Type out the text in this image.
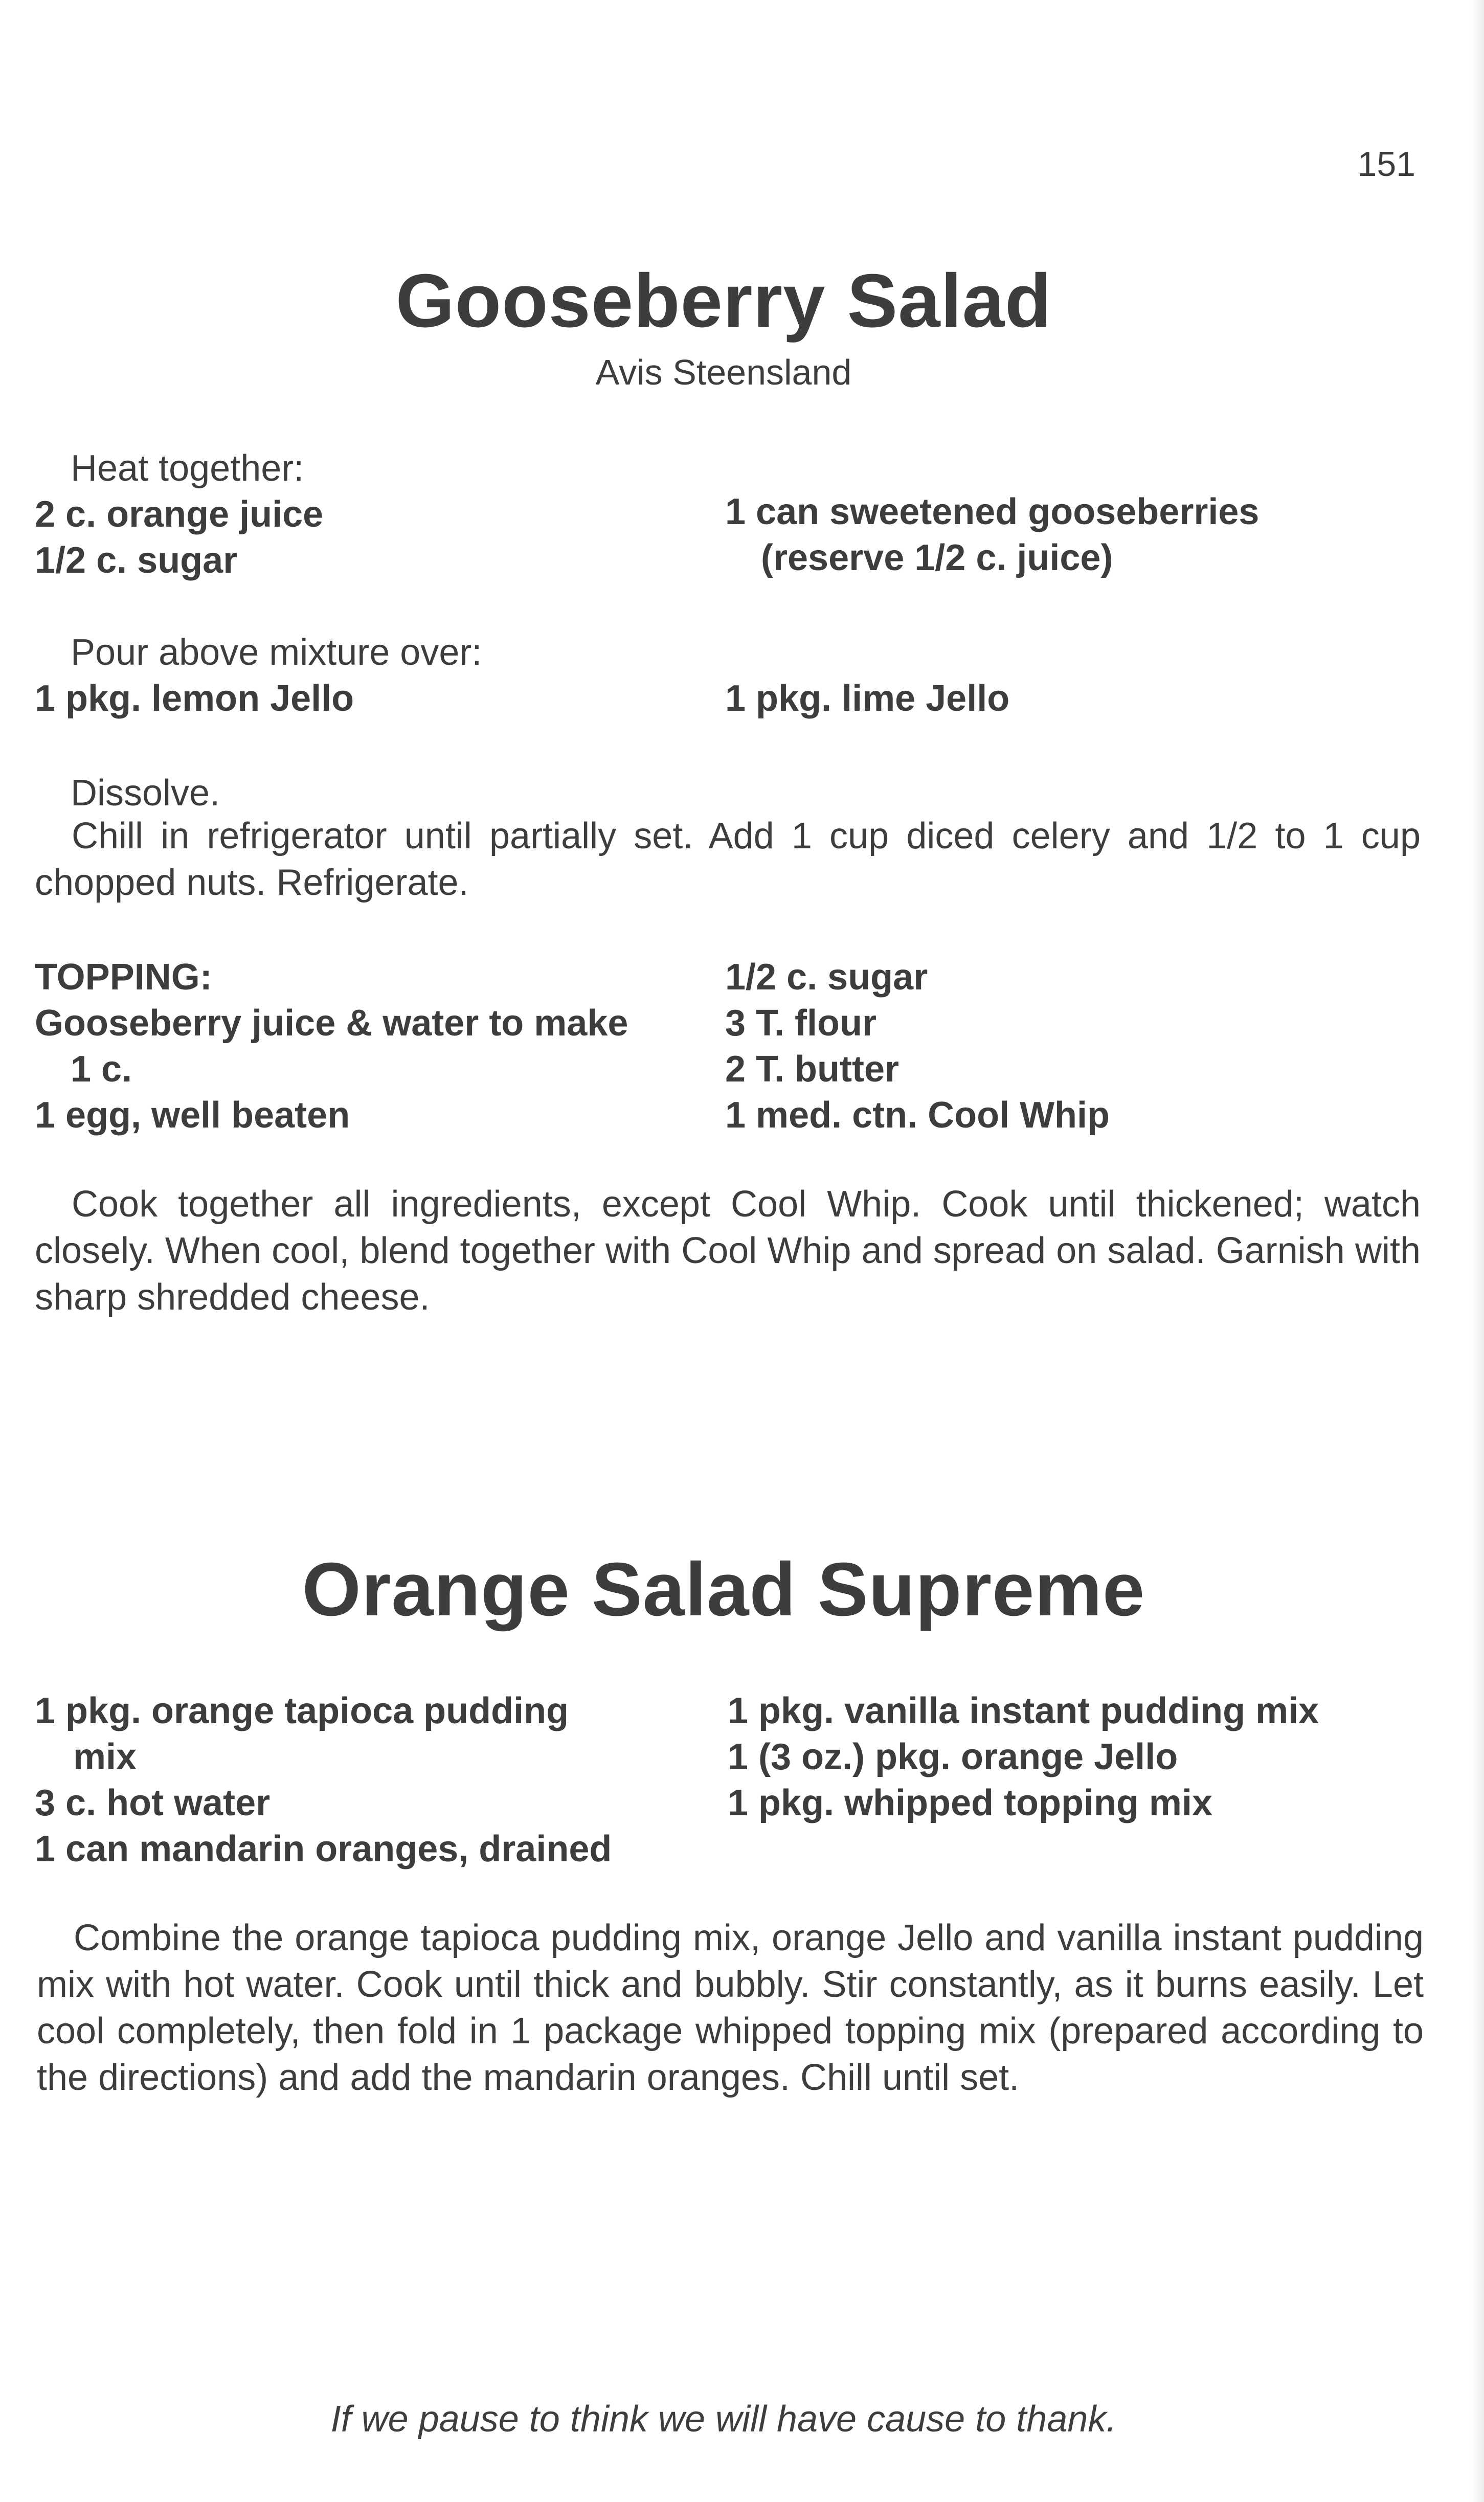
151
Gooseberry Salad
Avis Steensland
Heat together:
2 c. orange juice
1/2 c. sugar
1 can sweetened gooseberries
(reserve 1/2 c. juice)
Pour above mixture over:
1 pkg. lemon Jello	1 pkg. lime Jello
Dissolve.
Chill in refrigerator until partially set. Add 1 cup diced celery and 1/2 to 1 cup chopped nuts. Refrigerate.
TOPPING:
Gooseberry juice & water to make
1 c.
1 egg, well beaten
1/2 c. sugar
3 T. flour
2 T. butter
1 med. ctn. Cool Whip
Cook together all ingredients, except Cool Whip. Cook until thickened; watch closely. When cool, blend together with Cool Whip and spread on salad. Garnish with sharp shredded cheese.
Orange Salad Supreme
1 pkg. orange tapioca pudding
mix
3 c. hot water
1 can mandarin oranges, drained
1 pkg. vanilla instant pudding mix
1 (3 oz.) pkg. orange Jello
1 pkg. whipped topping mix
Combine the orange tapioca pudding mix, orange Jello and vanilla instant pudding mix with hot water. Cook until thick and bubbly. Stir constantly, as it burns easily. Let cool completely, then fold in 1 package whipped topping mix (prepared according to the directions) and add the mandarin oranges. Chill until set.
If we pause to think we will have cause to thank.
